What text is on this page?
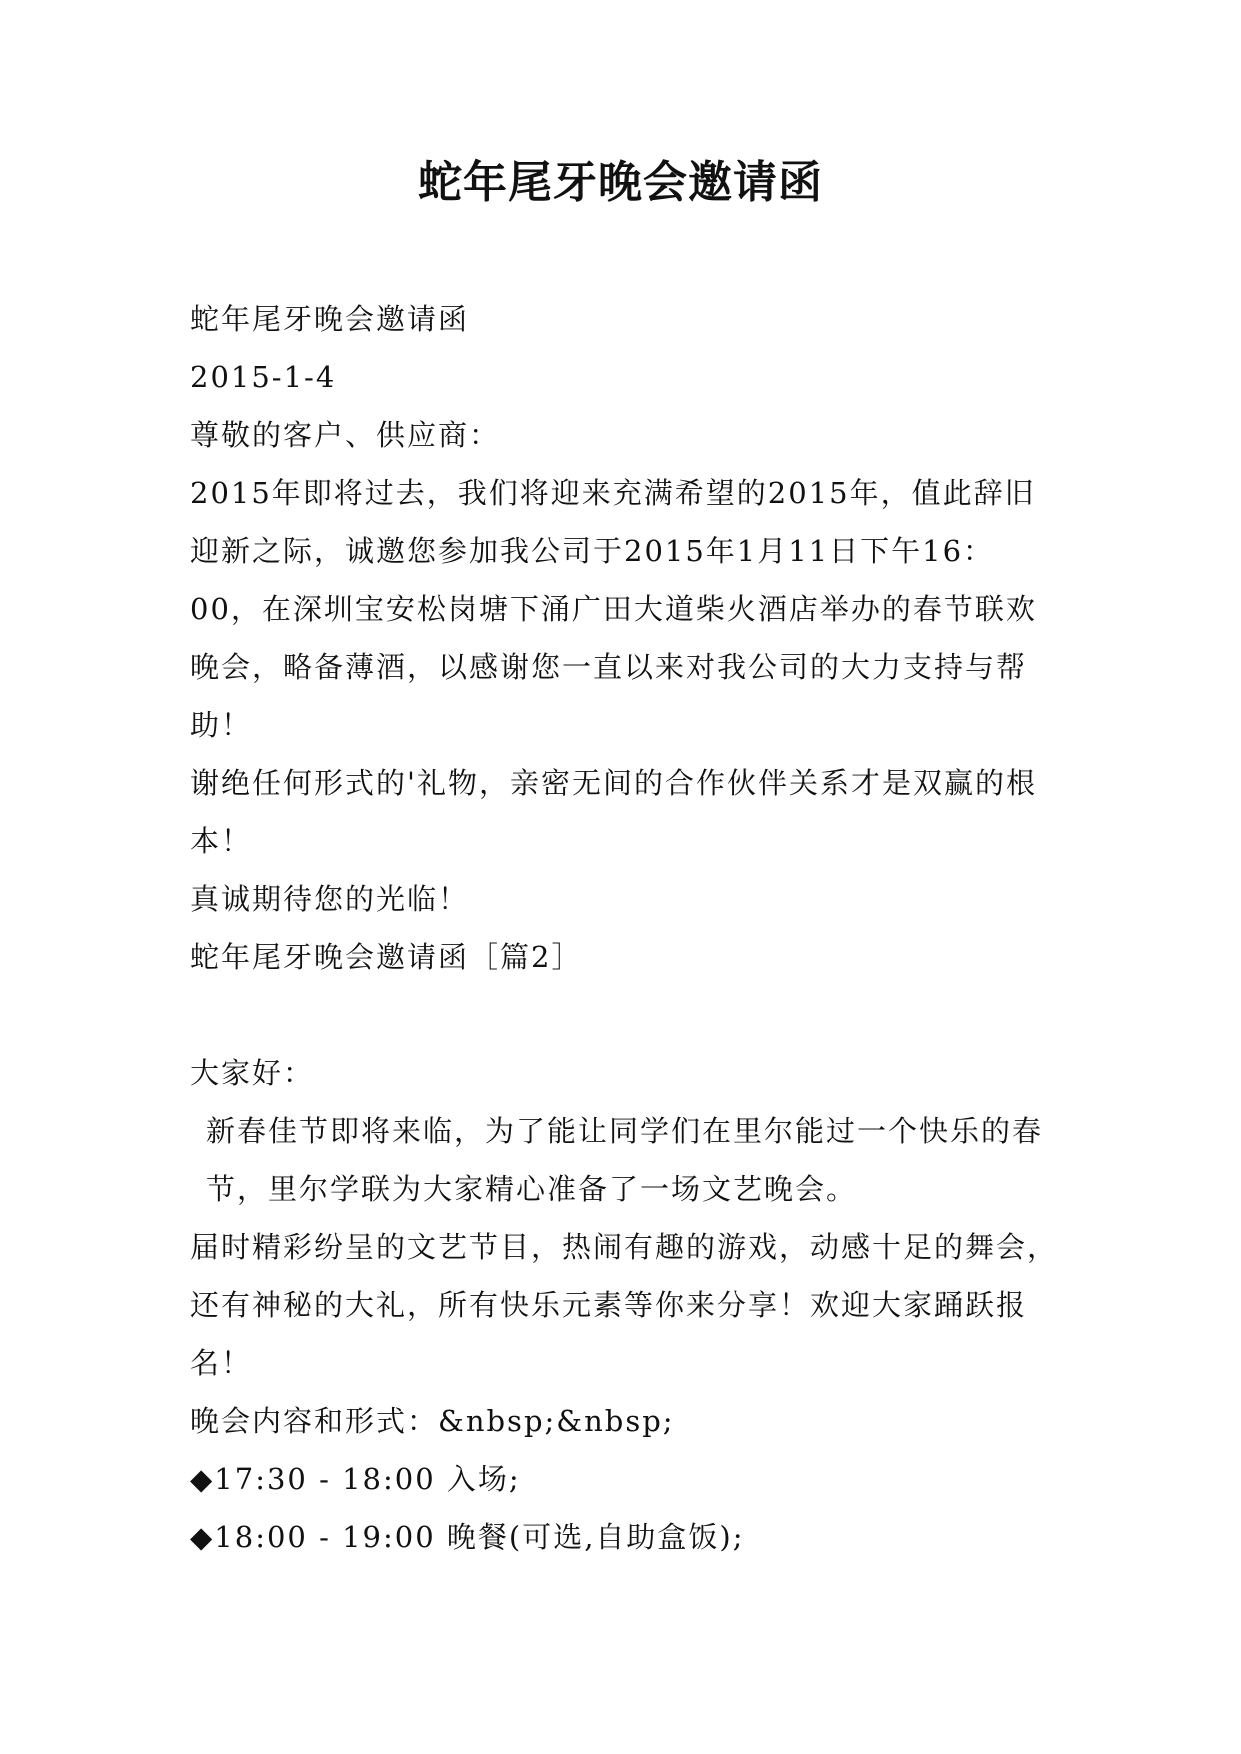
蛇年尾牙晚会邀请函

蛇年尾牙晚会邀请函

2015-1-4

尊敬的客户、供应商：

2015年即将过去，我们将迎来充满希望的2015年，值此辞旧迎新之际，诚邀您参加我公司于2015年1月11日下午16：00，在深圳宝安松岗塘下涌广田大道柴火酒店举办的春节联欢晚会，略备薄酒，以感谢您一直以来对我公司的大力支持与帮助！

谢绝任何形式的'礼物，亲密无间的合作伙伴关系才是双赢的根本！

真诚期待您的光临！

蛇年尾牙晚会邀请函［篇2］

大家好：

新春佳节即将来临，为了能让同学们在里尔能过一个快乐的春节，里尔学联为大家精心准备了一场文艺晚会。

届时精彩纷呈的文艺节目，热闹有趣的游戏，动感十足的舞会，还有神秘的大礼，所有快乐元素等你来分享！欢迎大家踊跃报名！

晚会内容和形式：&nbsp;&nbsp;

◆17:30 - 18:00 入场;

◆18:00 - 19:00 晚餐(可选,自助盒饭);
